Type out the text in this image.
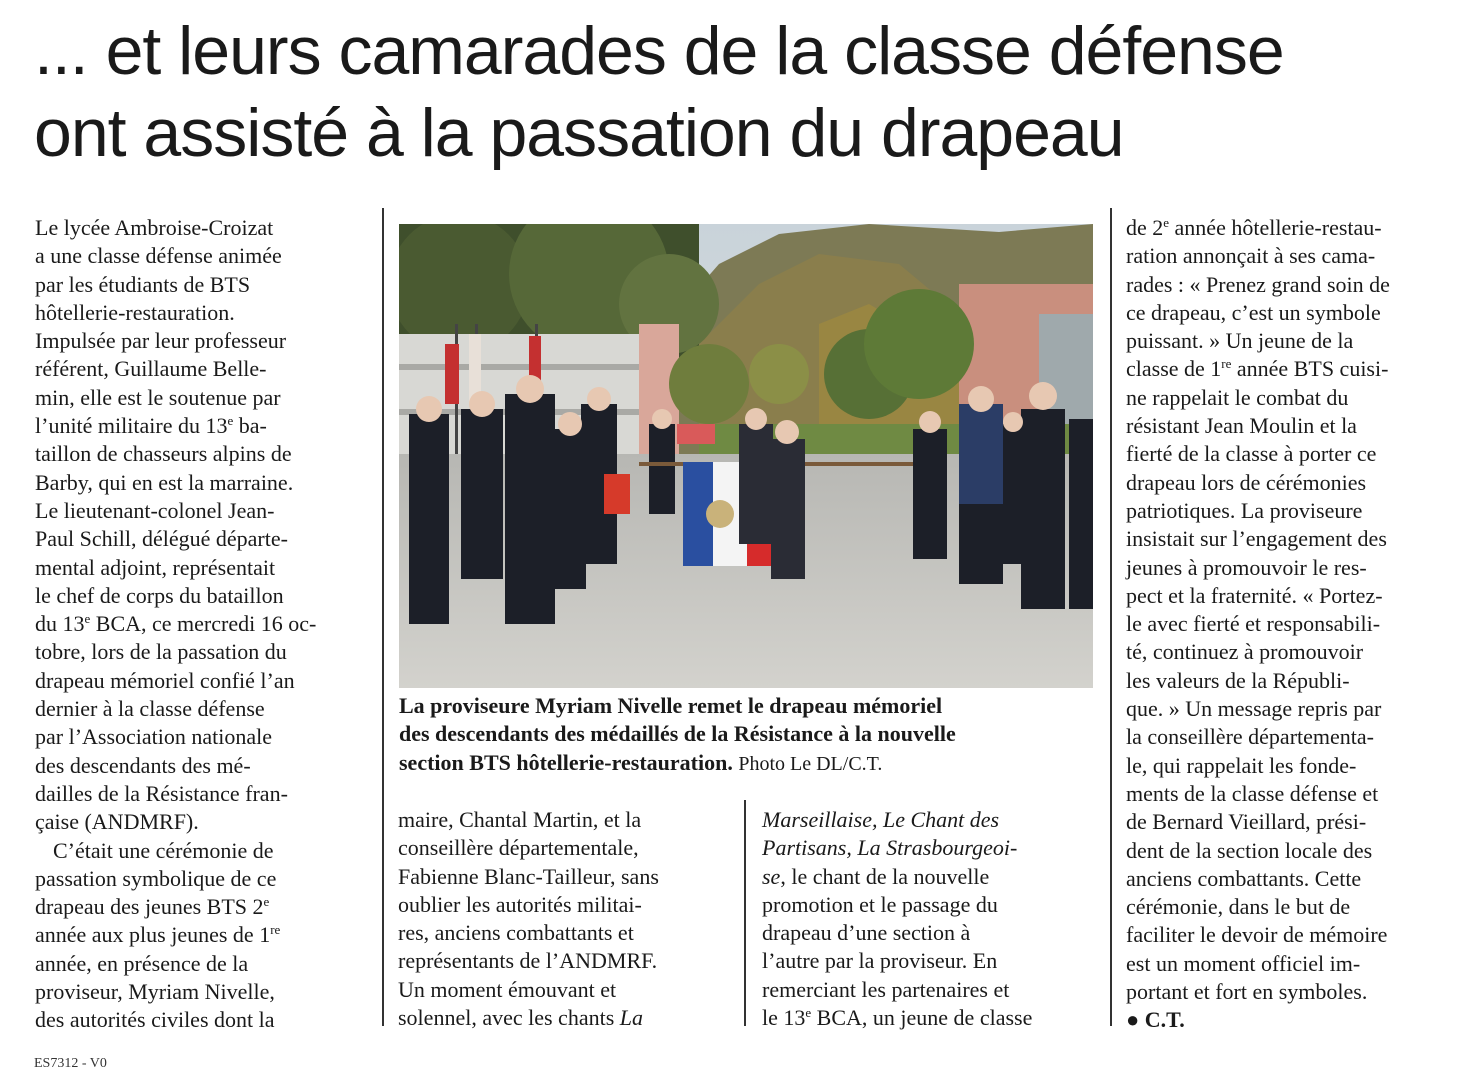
... et leurs camarades de la classe défense
ont assisté à la passation du drapeau
Le lycée Ambroise-Croizat
a une classe défense animée
par les étudiants de BTS
hôtellerie-restauration.
Impulsée par leur professeur
référent, Guillaume Belle-
min, elle est le soutenue par
l’unité militaire du 13e ba-
taillon de chasseurs alpins de
Barby, qui en est la marraine.
Le lieutenant-colonel Jean-
Paul Schill, délégué départe-
mental adjoint, représentait
le chef de corps du bataillon
du 13e BCA, ce mercredi 16 oc-
tobre, lors de la passation du
drapeau mémoriel confié l’an
dernier à la classe défense
par l’Association nationale
des descendants des mé-
dailles de la Résistance fran-
çaise (ANDMRF).
C’était une cérémonie de
passation symbolique de ce
drapeau des jeunes BTS 2e
année aux plus jeunes de 1re
année, en présence de la
proviseur, Myriam Nivelle,
des autorités civiles dont la
La proviseure Myriam Nivelle remet le drapeau mémoriel
des descendants des médaillés de la Résistance à la nouvelle
section BTS hôtellerie-restauration. Photo Le DL/C.T.
maire, Chantal Martin, et la
conseillère départementale,
Fabienne Blanc-Tailleur, sans
oublier les autorités militai-
res, anciens combattants et
représentants de l’ANDMRF.
Un moment émouvant et
solennel, avec les chants La
Marseillaise, Le Chant des
Partisans, La Strasbourgeoi-
se, le chant de la nouvelle
promotion et le passage du
drapeau d’une section à
l’autre par la proviseur. En
remerciant les partenaires et
le 13e BCA, un jeune de classe
de 2e année hôtellerie-restau-
ration annonçait à ses cama-
rades : « Prenez grand soin de
ce drapeau, c’est un symbole
puissant. » Un jeune de la
classe de 1re année BTS cuisi-
ne rappelait le combat du
résistant Jean Moulin et la
fierté de la classe à porter ce
drapeau lors de cérémonies
patriotiques. La proviseure
insistait sur l’engagement des
jeunes à promouvoir le res-
pect et la fraternité. « Portez-
le avec fierté et responsabili-
té, continuez à promouvoir
les valeurs de la Républi-
que. » Un message repris par
la conseillère départementa-
le, qui rappelait les fonde-
ments de la classe défense et
de Bernard Vieillard, prési-
dent de la section locale des
anciens combattants. Cette
cérémonie, dans le but de
faciliter le devoir de mémoire
est un moment officiel im-
portant et fort en symboles.
● C.T.
ES7312 - V0
